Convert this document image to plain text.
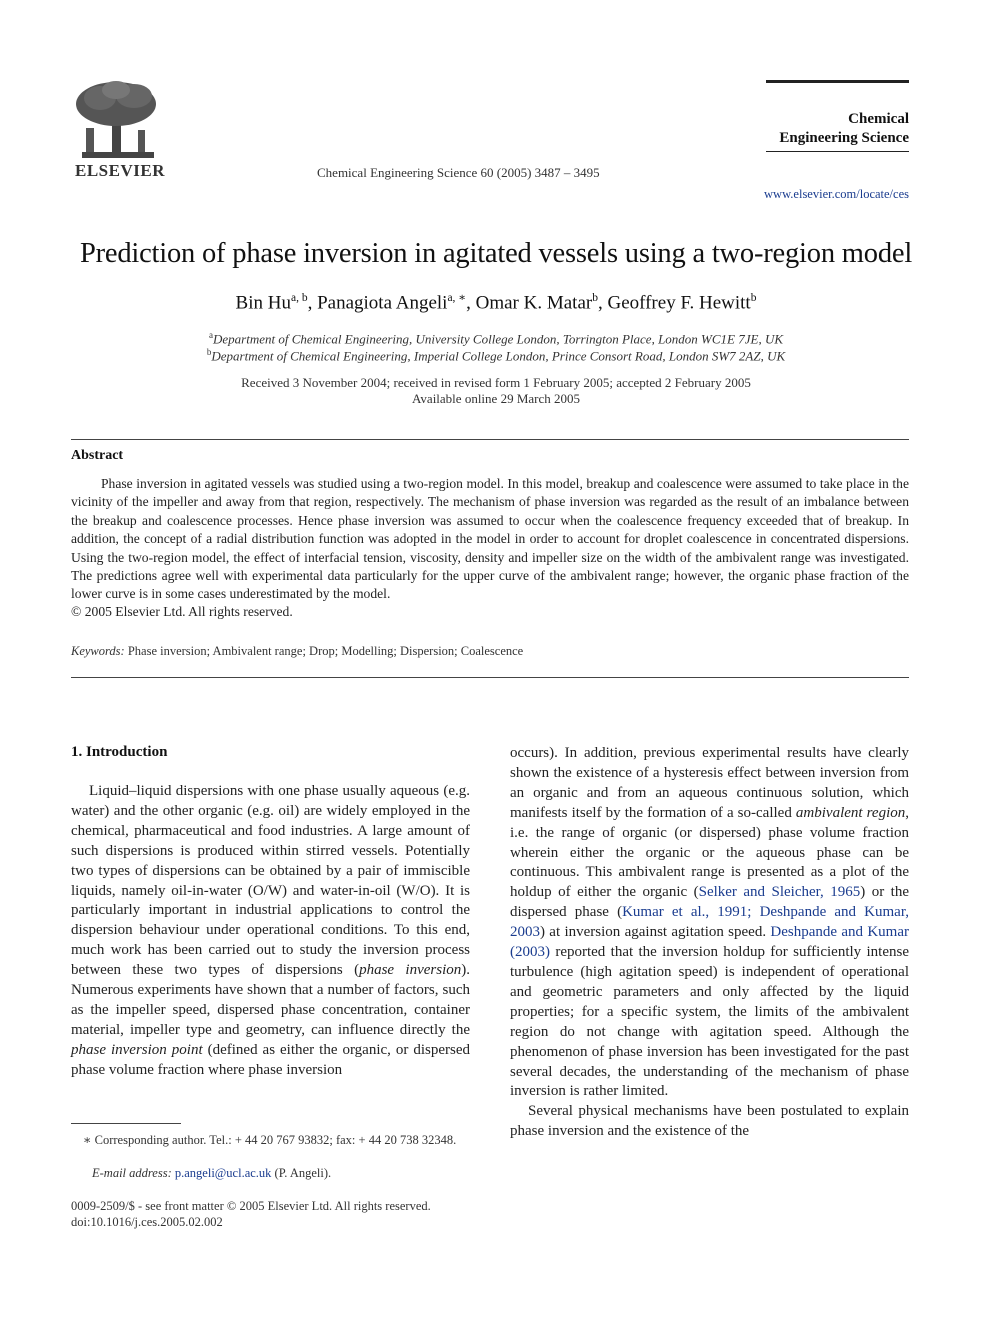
ELSEVIER	Chemical Engineering Science 60 (2005) 3487 – 3495
Chemical
Engineering Science
www.elsevier.com/locate/ces
Prediction of phase inversion in agitated vessels using a two-region model
Bin Hu$^{a, b}$, Panagiota Angeli$^{a, ∗}$, Omar K. Matar$^b$, Geoffrey F. Hewitt$^b$
$^a$Department of Chemical Engineering, University College London, Torrington Place, London WC1E 7JE, UK
$^b$Department of Chemical Engineering, Imperial College London, Prince Consort Road, London SW7 2AZ, UK
Received 3 November 2004; received in revised form 1 February 2005; accepted 2 February 2005
Available online 29 March 2005
Abstract
Phase inversion in agitated vessels was studied using a two-region model. In this model, breakup and coalescence were assumed to take place in the vicinity of the impeller and away from that region, respectively. The mechanism of phase inversion was regarded as the result of an imbalance between the breakup and coalescence processes. Hence phase inversion was assumed to occur when the coalescence frequency exceeded that of breakup. In addition, the concept of a radial distribution function was adopted in the model in order to account for droplet coalescence in concentrated dispersions. Using the two-region model, the effect of interfacial tension, viscosity, density and impeller size on the width of the ambivalent range was investigated. The predictions agree well with experimental data particularly for the upper curve of the ambivalent range; however, the organic phase fraction of the lower curve is in some cases underestimated by the model.
© 2005 Elsevier Ltd. All rights reserved.
Keywords: Phase inversion; Ambivalent range; Drop; Modelling; Dispersion; Coalescence
1. Introduction
Liquid–liquid dispersions with one phase usually aqueous (e.g. water) and the other organic (e.g. oil) are widely employed in the chemical, pharmaceutical and food industries. A large amount of such dispersions is produced within stirred vessels. Potentially two types of dispersions can be obtained by a pair of immiscible liquids, namely oil-in-water (O/W) and water-in-oil (W/O). It is particularly important in industrial applications to control the dispersion behaviour under operational conditions. To this end, much work has been carried out to study the inversion process between these two types of dispersions (phase inversion). Numerous experiments have shown that a number of factors, such as the impeller speed, dispersed phase concentration, container material, impeller type and geometry, can influence directly the phase inversion point (defined as either the organic, or dispersed phase volume fraction where phase inversion

occurs). In addition, previous experimental results have clearly shown the existence of a hysteresis effect between inversion from an organic and from an aqueous continuous solution, which manifests itself by the formation of a so-called ambivalent region, i.e. the range of organic (or dispersed) phase volume fraction wherein either the organic or the aqueous phase can be continuous. This ambivalent range is presented as a plot of the holdup of either the organic (Selker and Sleicher, 1965) or the dispersed phase (Kumar et al., 1991; Deshpande and Kumar, 2003) at inversion against agitation speed. Deshpande and Kumar (2003) reported that the inversion holdup for sufficiently intense turbulence (high agitation speed) is independent of operational and geometric parameters and only affected by the liquid properties; for a specific system, the limits of the ambivalent region do not change with agitation speed. Although the phenomenon of phase inversion has been investigated for the past several decades, the understanding of the mechanism of phase inversion is rather limited.

Several physical mechanisms have been postulated to explain phase inversion and the existence of the

∗ Corresponding author. Tel.: + 44 20 767 93832; fax: + 44 20 738 32348.
E-mail address: p.angeli@ucl.ac.uk (P. Angeli).
0009-2509/$ - see front matter © 2005 Elsevier Ltd. All rights reserved.
doi:10.1016/j.ces.2005.02.002
